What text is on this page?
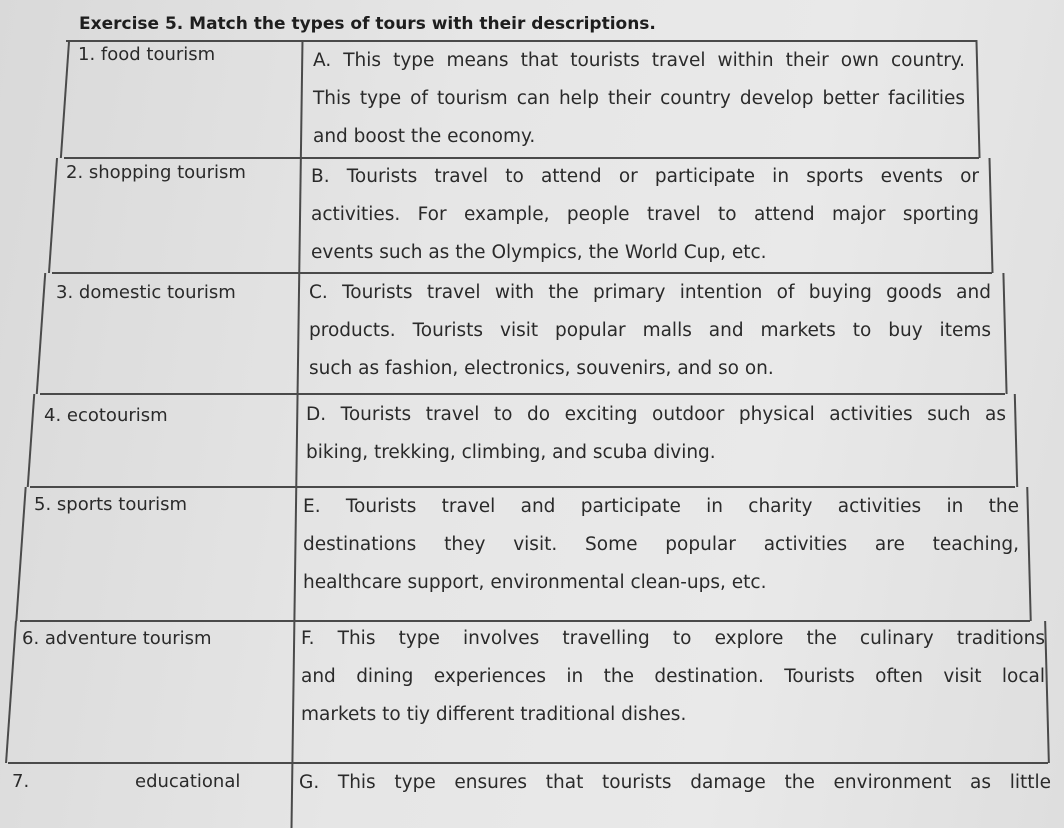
Exercise 5. Match the types of tours with their descriptions.
1. food tourism
2. shopping tourism
3. domestic tourism
4. ecotourism
5. sports tourism
6. adventure tourism
7.	educational
A. This type means that tourists travel within their own country.
This type of tourism can help their country develop better facilities
and boost the economy.
B. Tourists travel to attend or participate in sports events or
activities. For example, people travel to attend major sporting
events such as the Olympics, the World Cup, etc.
C. Tourists travel with the primary intention of buying goods and
products. Tourists visit popular malls and markets to buy items
such as fashion, electronics, souvenirs, and so on.
D. Tourists travel to do exciting outdoor physical activities such as
biking, trekking, climbing, and scuba diving.
E. Tourists travel and participate in charity activities in the
destinations they visit. Some popular activities are teaching,
healthcare support, environmental clean-ups, etc.
F. This type involves travelling to explore the culinary traditions
and dining experiences in the destination. Tourists often visit local
markets to tiy different traditional dishes.
G. This type ensures that tourists damage the environment as little
